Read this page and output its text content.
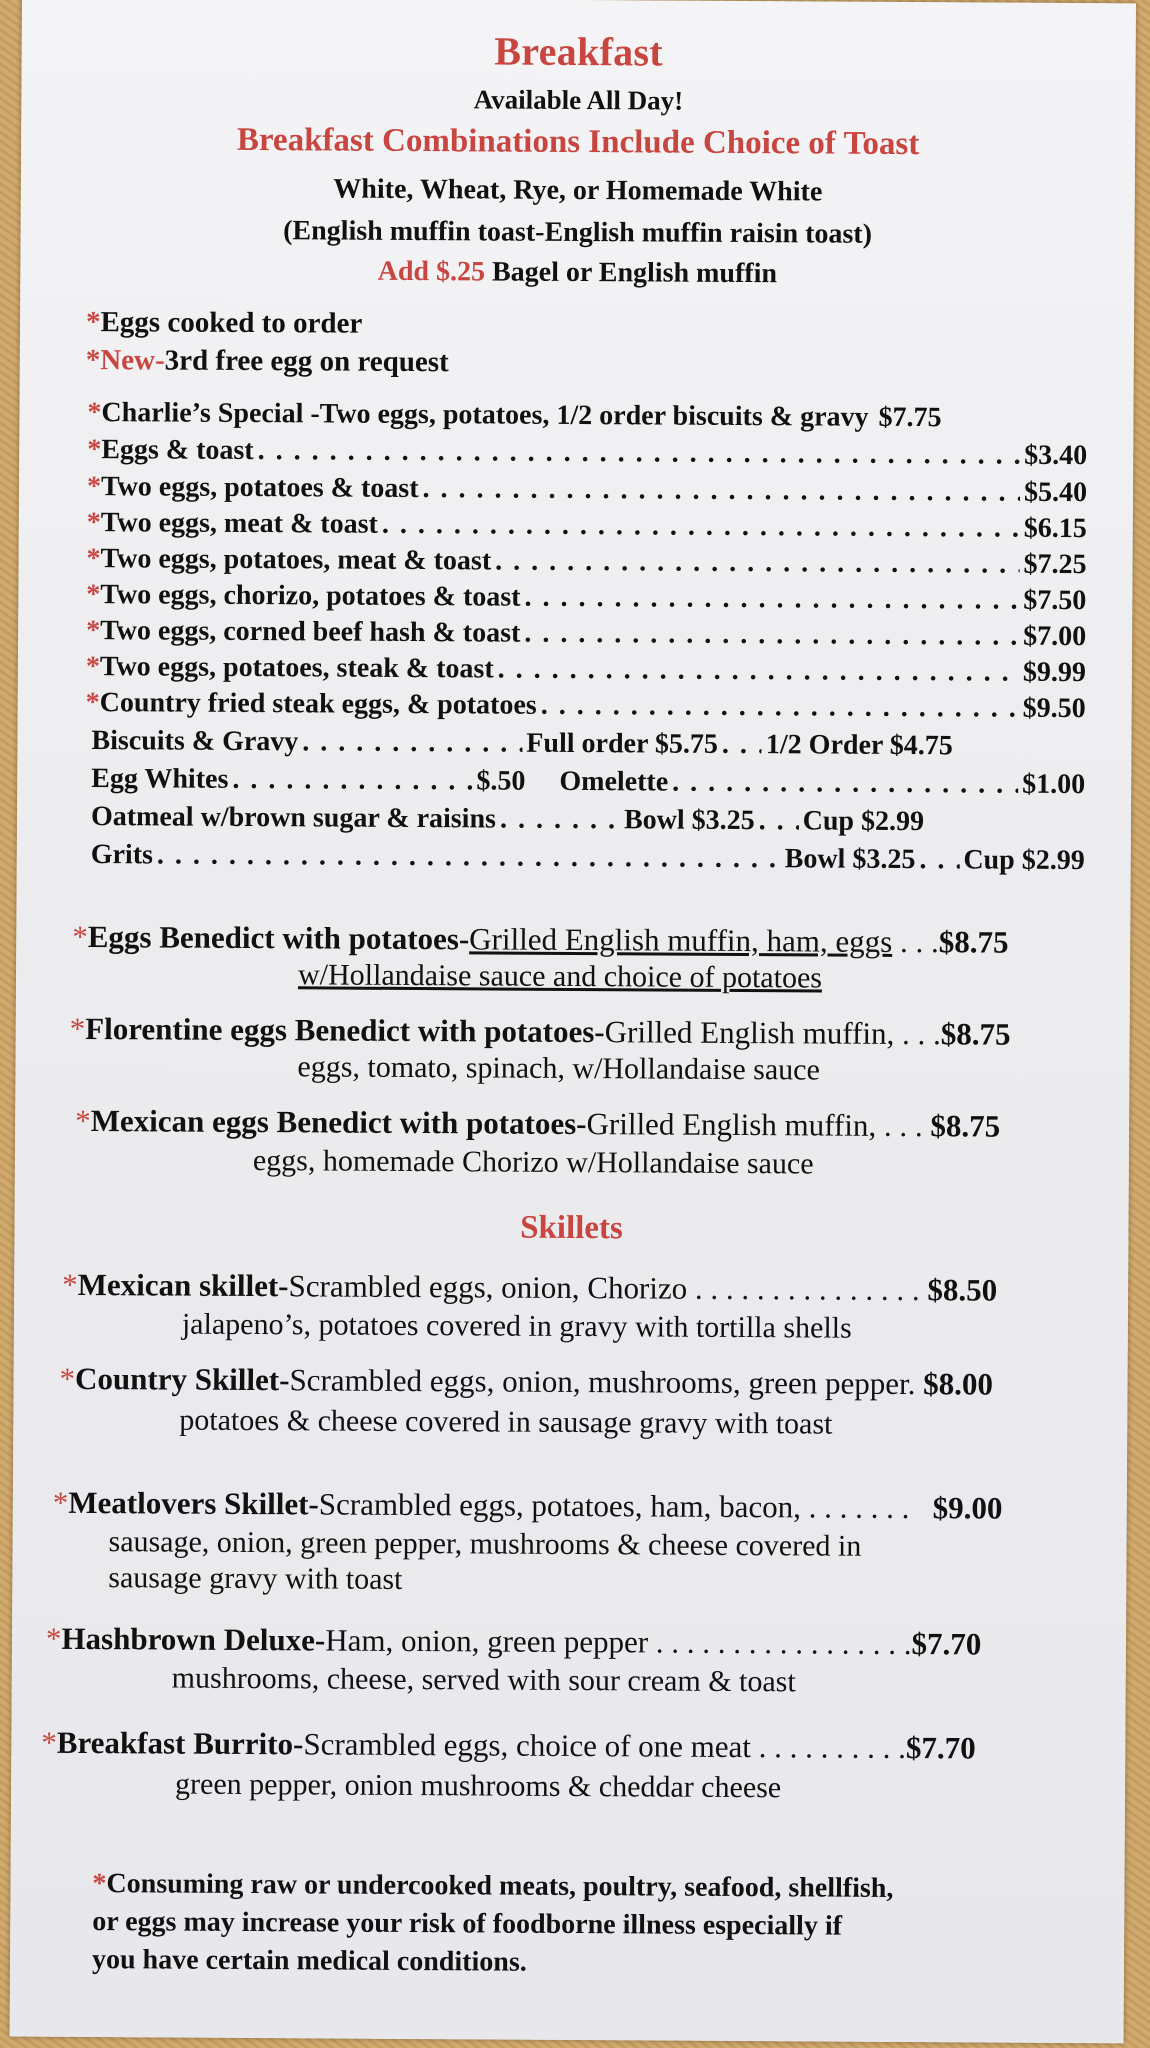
Breakfast
Available All Day!
Breakfast Combinations Include Choice of Toast
White, Wheat, Rye, or Homemade White
(English muffin toast-English muffin raisin toast)
Add $.25 Bagel or English muffin
*Eggs cooked to order
*New-3rd free egg on request
*Charlie’s Special -Two eggs, potatoes, 1/2 order biscuits & gravy $7.75
*Eggs & toast . . .	$3.40
*Two eggs, potatoes & toast . . .	$5.40
*Two eggs, meat & toast . . .	$6.15
*Two eggs, potatoes, meat & toast . . .	$7.25
*Two eggs, chorizo, potatoes & toast . . .	$7.50
*Two eggs, corned beef hash & toast . . .	$7.00
*Two eggs, potatoes, steak & toast . . .	$9.99
*Country fried steak eggs, & potatoes . . .	$9.50
Biscuits & Gravy . . .	Full order $5.75 . . . 1/2 Order $4.75
Egg Whites . . .	$.50 Omelette . . .	$1.00
Oatmeal w/brown sugar & raisins . . .	Bowl $3.25 . . . Cup $2.99
Grits . . .	Bowl $3.25 . . . Cup $2.99
*Eggs Benedict with potatoes-Grilled English muffin, ham, eggs . . .$8.75
w/Hollandaise sauce and choice of potatoes
*Florentine eggs Benedict with potatoes-Grilled English muffin, . . .$8.75
eggs, tomato, spinach, w/Hollandaise sauce
*Mexican eggs Benedict with potatoes-Grilled English muffin, . . . $8.75
eggs, homemade Chorizo w/Hollandaise sauce
Skillets
*Mexican skillet-Scrambled eggs, onion, Chorizo . . . . . . . . . . . . . . . $8.50
jalapeno’s, potatoes covered in gravy with tortilla shells
*Country Skillet-Scrambled eggs, onion, mushrooms, green pepper. $8.00
potatoes & cheese covered in sausage gravy with toast
*Meatlovers Skillet-Scrambled eggs, potatoes, ham, bacon, . . . . . . .   $9.00
sausage, onion, green pepper, mushrooms & cheese covered in
sausage gravy with toast
*Hashbrown Deluxe-Ham, onion, green pepper . . . . . . . . . . . . . . . . .$7.70
mushrooms, cheese, served with sour cream & toast
*Breakfast Burrito-Scrambled eggs, choice of one meat . . . . . . . . . .$7.70
green pepper, onion mushrooms & cheddar cheese
*Consuming raw or undercooked meats, poultry, seafood, shellfish,
or eggs may increase your risk of foodborne illness especially if
you have certain medical conditions.
